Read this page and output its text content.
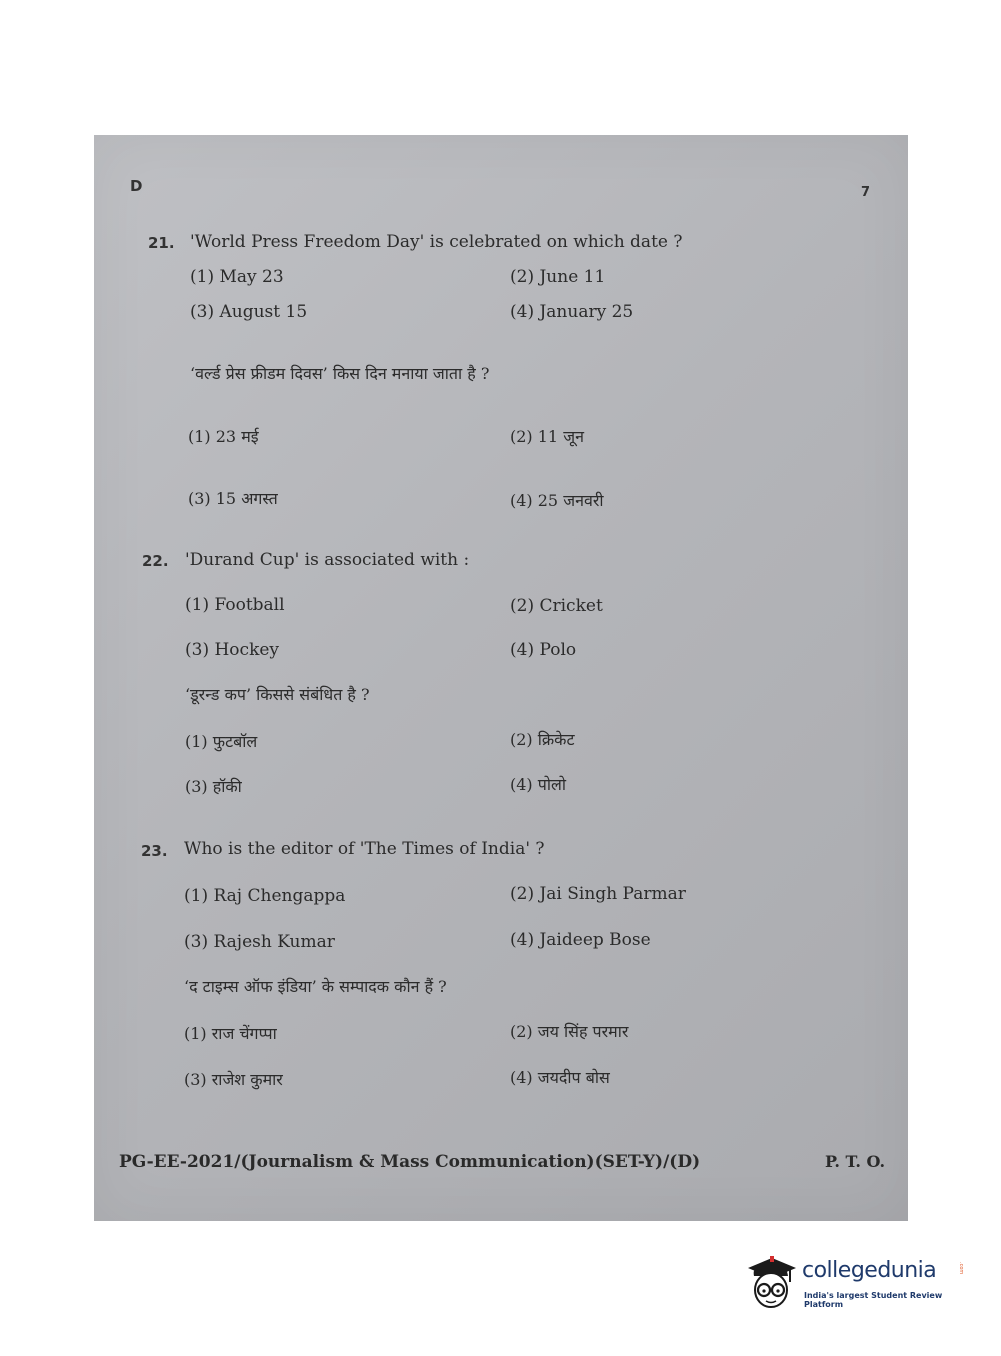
D	7
21. 'World Press Freedom Day' is celebrated on which date ?
(1) May 23	(2) June 11
(3) August 15	(4) January 25
‘वर्ल्ड प्रेस फ्रीडम दिवस’ किस दिन मनाया जाता है ?
(1) 23 मई	(2) 11 जून
(3) 15 अगस्त	(4) 25 जनवरी
22. 'Durand Cup' is associated with :
(1) Football	(2) Cricket
(3) Hockey	(4) Polo
‘डूरन्ड कप’ किससे संबंधित है ?
(1) फुटबॉल	(2) क्रिकेट
(3) हॉकी	(4) पोलो
23. Who is the editor of 'The Times of India' ?
(1) Raj Chengappa	(2) Jai Singh Parmar
(3) Rajesh Kumar	(4) Jaideep Bose
‘द टाइम्स ऑफ इंडिया’ के सम्पादक कौन हैं ?
(1) राज चेंगप्पा	(2) जय सिंह परमार
(3) राजेश कुमार	(4) जयदीप बोस
PG-EE-2021/(Journalism & Mass Communication)(SET-Y)/(D)	P. T. O.
collegedunia	.com
India's largest Student Review Platform
